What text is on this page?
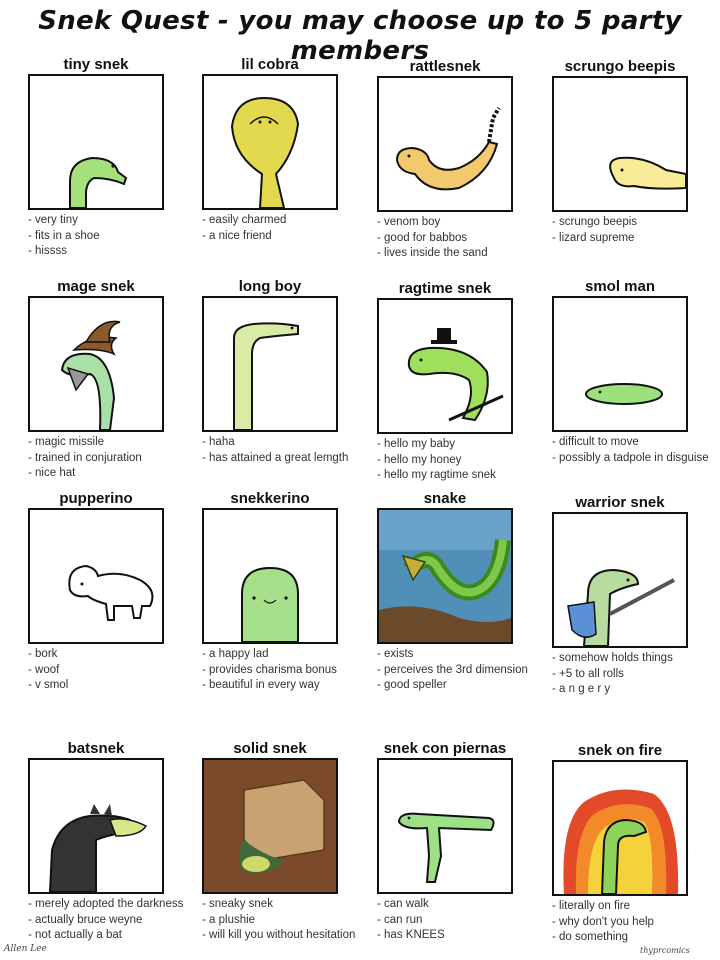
Snek Quest - you may choose up to 5 party members
tiny snek
- very tiny
- fits in a shoe
- hissss
lil cobra
- easily charmed
- a nice friend
rattlesnek
- venom boy
- good for babbos
- lives inside the sand
scrungo beepis
- scrungo beepis
- lizard supreme
mage snek
- magic missile
- trained in conjuration
- nice hat
long boy
- haha
- has attained a great lemgth
ragtime snek
- hello my baby
- hello my honey
- hello my ragtime snek
smol man
- difficult to move
- possibly a tadpole in disguise
pupperino
- bork
- woof
- v smol
snekkerino
- a happy lad
- provides charisma bonus
- beautiful in every way
snake
- exists
- perceives the 3rd dimension
- good speller
warrior snek
- somehow holds things
- +5 to all rolls
- a n g e r y
batsnek
- merely adopted the darkness
- actually bruce weyne
- not actually a bat
solid snek
- sneaky snek
- a plushie
- will kill you without hesitation
snek con piernas
- can walk
- can run
- has KNEES
snek on fire
- literally on fire
- why don't you help
- do something
Allen Lee	thyprcomics
